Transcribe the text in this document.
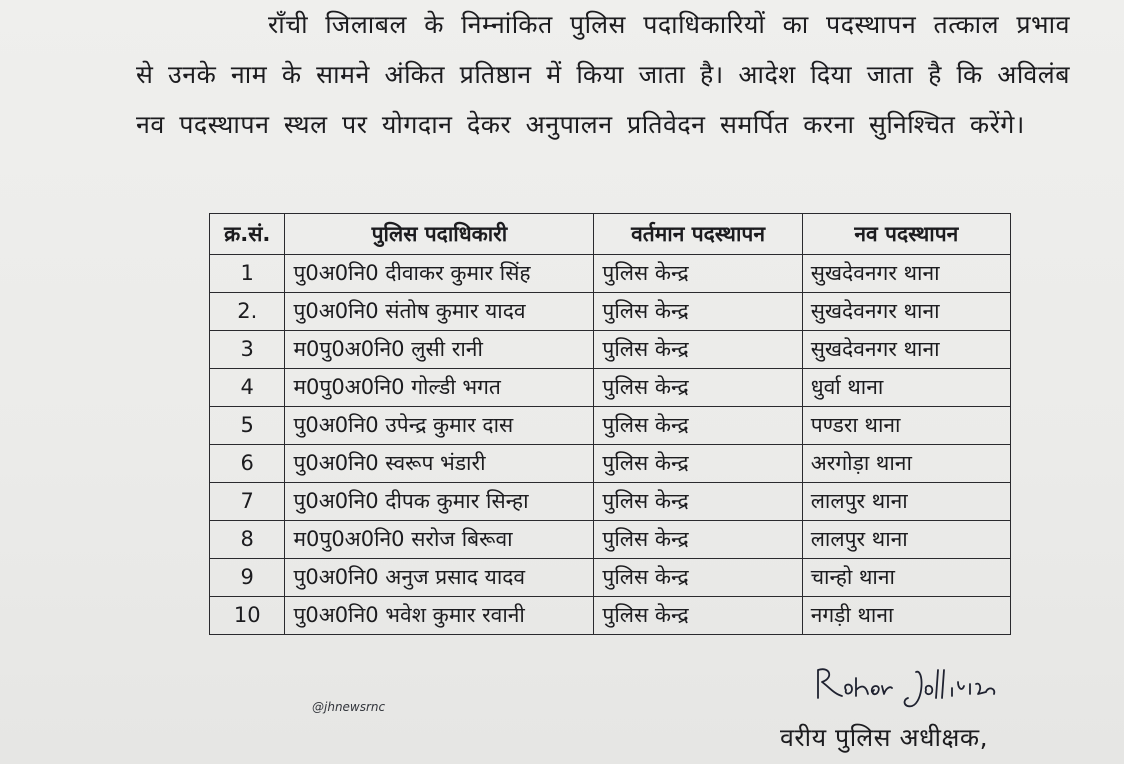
राँची जिलाबल के निम्नांकित पुलिस पदाधिकारियों का पदस्थापन तत्काल प्रभाव से उनके नाम के सामने अंकित प्रतिष्ठान में किया जाता है। आदेश दिया जाता है कि अविलंब नव पदस्थापन स्थल पर योगदान देकर अनुपालन प्रतिवेदन समर्पित करना सुनिश्चित करेंगे।

क्र.सं.	पुलिस पदाधिकारी	वर्तमान पदस्थापन	नव पदस्थापन
1	पु0अ0नि0 दीवाकर कुमार सिंह	पुलिस केन्द्र	सुखदेवनगर थाना
2.	पु0अ0नि0 संतोष कुमार यादव	पुलिस केन्द्र	सुखदेवनगर थाना
3	म0पु0अ0नि0 लुसी रानी	पुलिस केन्द्र	सुखदेवनगर थाना
4	म0पु0अ0नि0 गोल्डी भगत	पुलिस केन्द्र	धुर्वा थाना
5	पु0अ0नि0 उपेन्द्र कुमार दास	पुलिस केन्द्र	पण्डरा थाना
6	पु0अ0नि0 स्वरूप भंडारी	पुलिस केन्द्र	अरगोड़ा थाना
7	पु0अ0नि0 दीपक कुमार सिन्हा	पुलिस केन्द्र	लालपुर थाना
8	म0पु0अ0नि0 सरोज बिरूवा	पुलिस केन्द्र	लालपुर थाना
9	पु0अ0नि0 अनुज प्रसाद यादव	पुलिस केन्द्र	चान्हो थाना
10	पु0अ0नि0 भवेश कुमार रवानी	पुलिस केन्द्र	नगड़ी थाना
@jhnewsrnc
वरीय पुलिस अधीक्षक,
